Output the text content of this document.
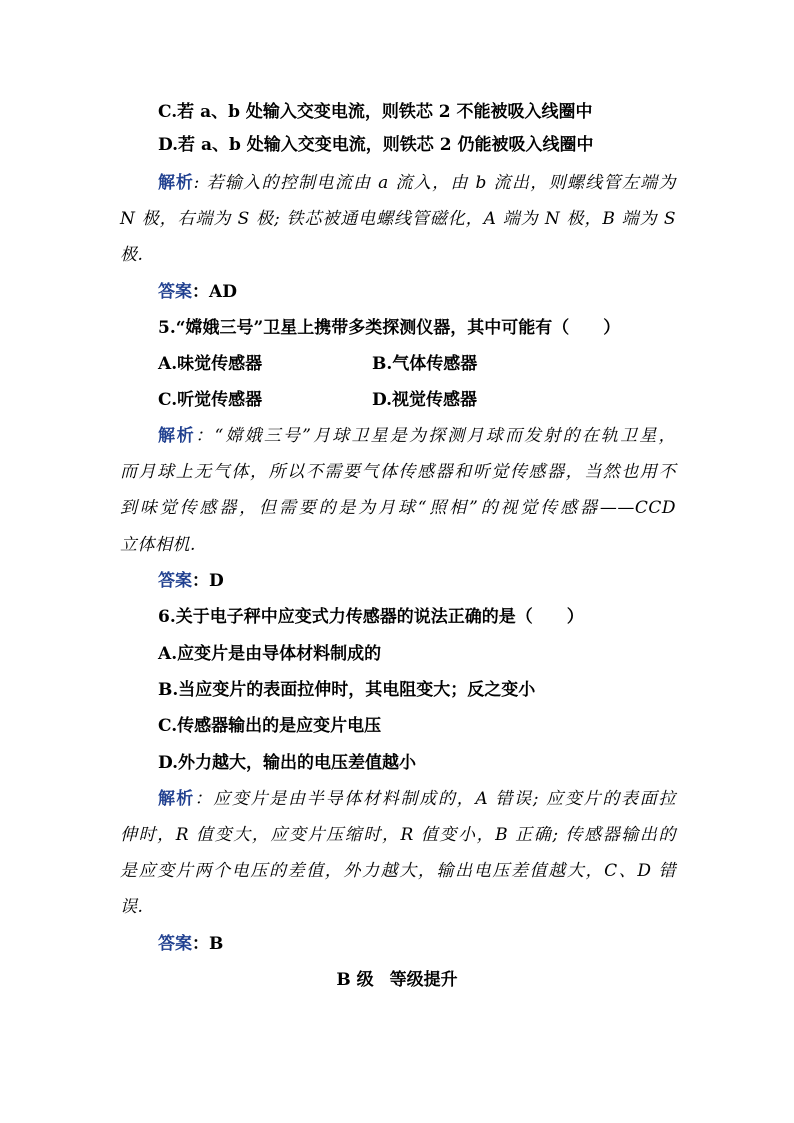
C.若 a、b 处输入交变电流，则铁芯 2 不能被吸入线圈中
D.若 a、b 处输入交变电流，则铁芯 2 仍能被吸入线圈中
解析: 若输入的控制电流由 a 流入，由 b 流出，则螺线管左端为
N 极，右端为 S 极; 铁芯被通电螺线管磁化，A 端为 N 极，B 端为 S
极.
答案：AD
5.“嫦娥三号”卫星上携带多类探测仪器，其中可能有（　　）
A.味觉传感器	B.气体传感器
C.听觉传感器	D.视觉传感器
解析：“嫦娥三号”月球卫星是为探测月球而发射的在轨卫星，
而月球上无气体，所以不需要气体传感器和听觉传感器，当然也用不
到味觉传感器，但需要的是为月球“照相”的视觉传感器——CCD
立体相机.
答案：D
6.关于电子秤中应变式力传感器的说法正确的是（　　）
A.应变片是由导体材料制成的
B.当应变片的表面拉伸时，其电阻变大；反之变小
C.传感器输出的是应变片电压
D.外力越大，输出的电压差值越小
解析：应变片是由半导体材料制成的，A 错误; 应变片的表面拉
伸时，R 值变大，应变片压缩时，R 值变小，B 正确; 传感器输出的
是应变片两个电压的差值，外力越大，输出电压差值越大，C、D 错
误.
答案：B
B 级 等级提升
